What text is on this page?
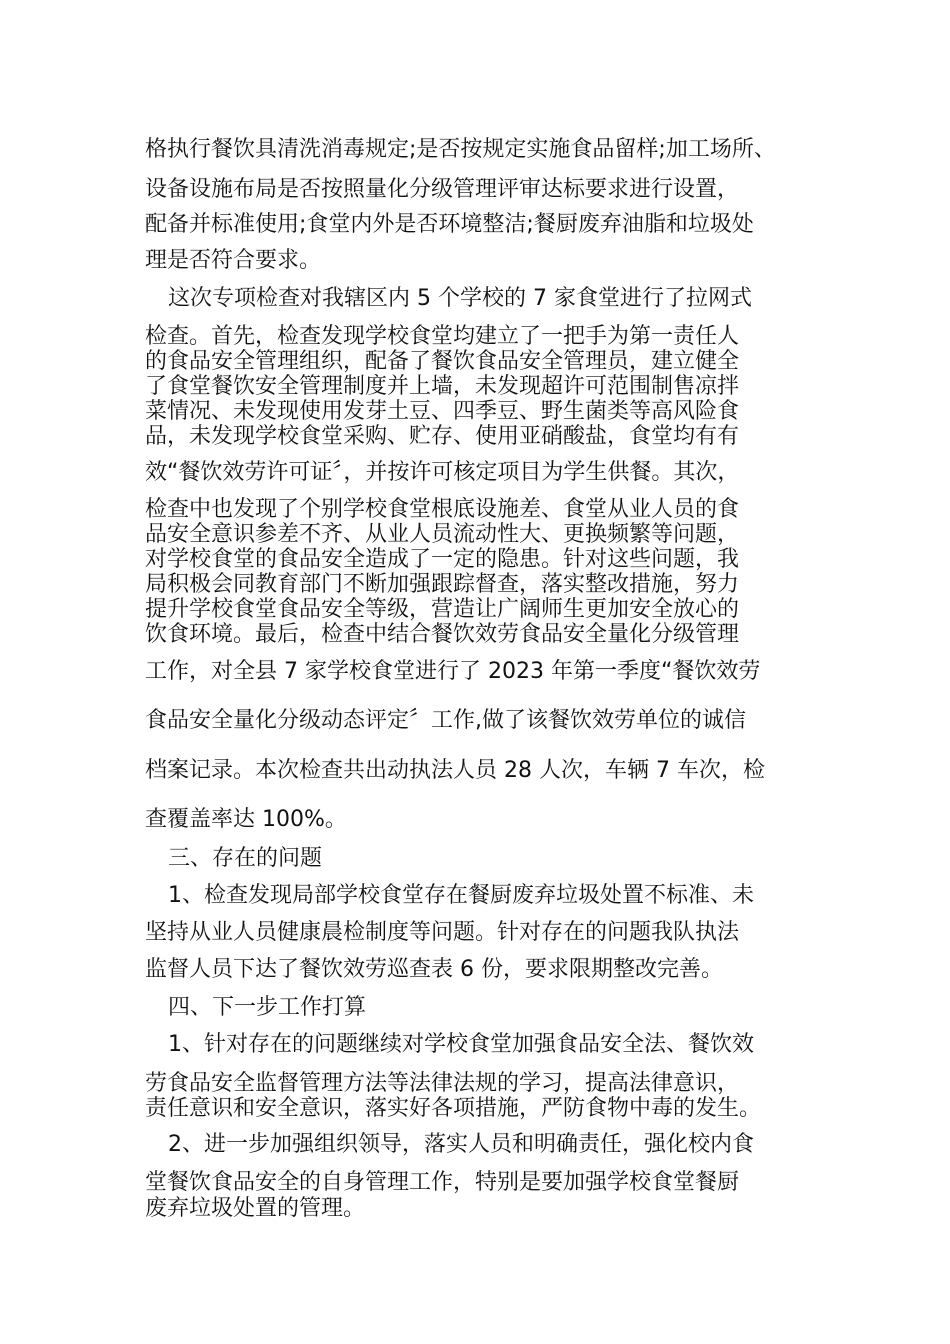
格执行餐饮具清洗消毒规定;是否按规定实施食品留样;加工场所、

设备设施布局是否按照量化分级管理评审达标要求进行设置，

配备并标准使用;食堂内外是否环境整洁;餐厨废弃油脂和垃圾处

理是否符合要求。

这次专项检查对我辖区内 5 个学校的 7 家食堂进行了拉网式

检查。首先，检查发现学校食堂均建立了一把手为第一责任人

的食品安全管理组织，配备了餐饮食品安全管理员，建立健全

了食堂餐饮安全管理制度并上墙，未发现超许可范围制售凉拌

菜情况、未发现使用发芽土豆、四季豆、野生菌类等高风险食

品，未发现学校食堂采购、贮存、使用亚硝酸盐，食堂均有有

效“餐饮效劳许可证〞，并按许可核定项目为学生供餐。其次，

检查中也发现了个别学校食堂根底设施差、食堂从业人员的食

品安全意识参差不齐、从业人员流动性大、更换频繁等问题，

对学校食堂的食品安全造成了一定的隐患。针对这些问题，我

局积极会同教育部门不断加强跟踪督查，落实整改措施，努力

提升学校食堂食品安全等级，营造让广阔师生更加安全放心的

饮食环境。最后，检查中结合餐饮效劳食品安全量化分级管理

工作，对全县 7 家学校食堂进行了 2023 年第一季度“餐饮效劳

食品安全量化分级动态评定〞工作,做了该餐饮效劳单位的诚信

档案记录。本次检查共出动执法人员 28 人次，车辆 7 车次，检

查覆盖率达 100%。

三、存在的问题

1、检查发现局部学校食堂存在餐厨废弃垃圾处置不标准、未

坚持从业人员健康晨检制度等问题。针对存在的问题我队执法

监督人员下达了餐饮效劳巡查表 6 份，要求限期整改完善。

四、下一步工作打算

1、针对存在的问题继续对学校食堂加强食品安全法、餐饮效

劳食品安全监督管理方法等法律法规的学习，提高法律意识，

责任意识和安全意识，落实好各项措施，严防食物中毒的发生。

2、进一步加强组织领导，落实人员和明确责任，强化校内食

堂餐饮食品安全的自身管理工作，特别是要加强学校食堂餐厨

废弃垃圾处置的管理。
